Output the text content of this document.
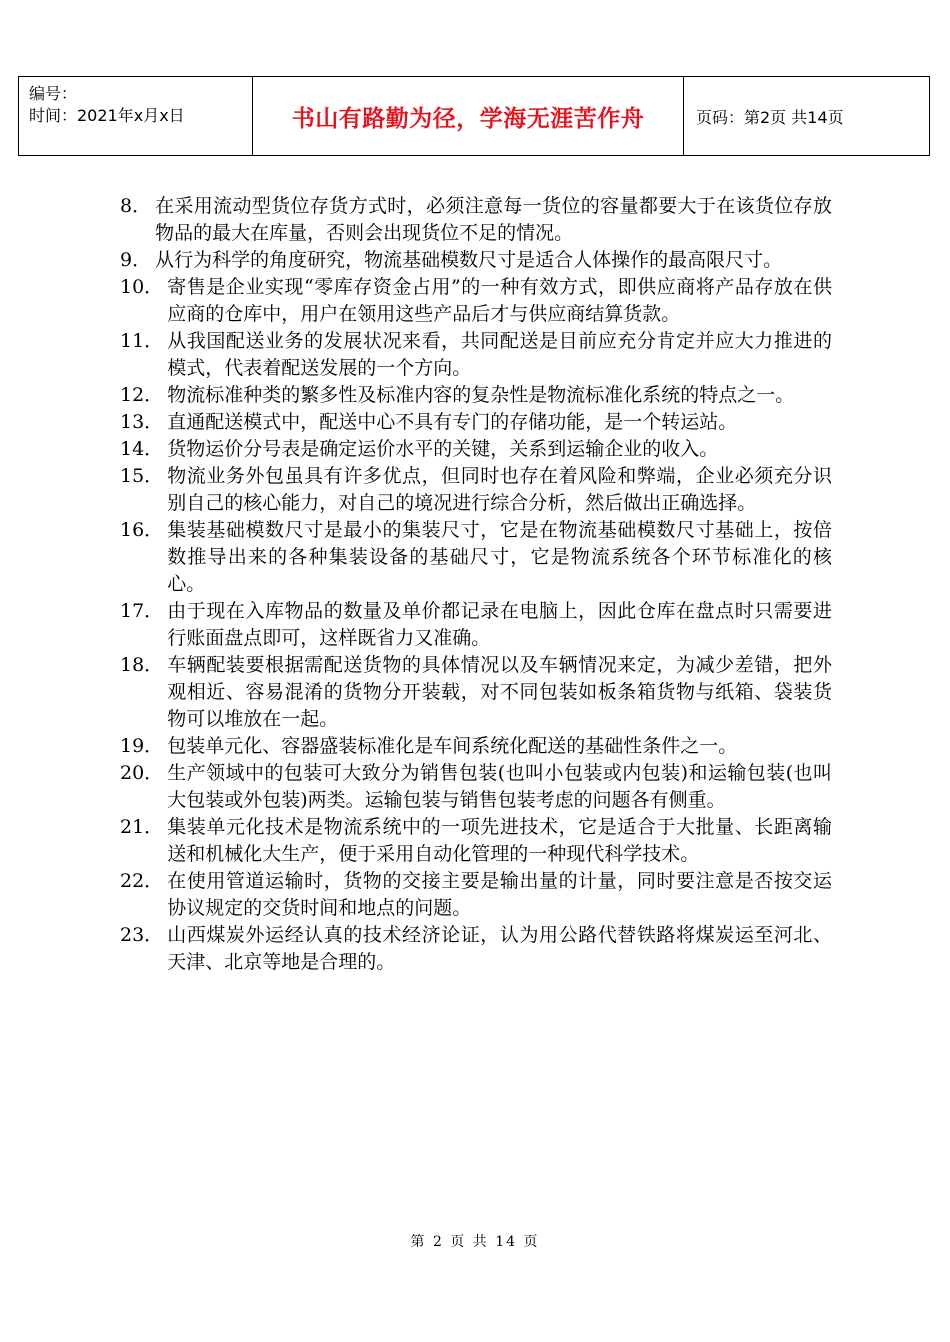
编号：
时间：2021年x月x日	书山有路勤为径，学海无涯苦作舟	页码：第2页 共14页
8． 在采用流动型货位存货方式时，必须注意每一货位的容量都要大于在该货位存放物品的最大在库量，否则会出现货位不足的情况。
9． 从行为科学的角度研究，物流基础模数尺寸是适合人体操作的最高限尺寸。
10． 寄售是企业实现“零库存资金占用”的一种有效方式，即供应商将产品存放在供应商的仓库中，用户在领用这些产品后才与供应商结算货款。
11． 从我国配送业务的发展状况来看，共同配送是目前应充分肯定并应大力推进的模式，代表着配送发展的一个方向。
12． 物流标准种类的繁多性及标准内容的复杂性是物流标准化系统的特点之一。
13． 直通配送模式中，配送中心不具有专门的存储功能，是一个转运站。
14． 货物运价分号表是确定运价水平的关键，关系到运输企业的收入。
15． 物流业务外包虽具有许多优点，但同时也存在着风险和弊端，企业必须充分识别自己的核心能力，对自己的境况进行综合分析，然后做出正确选择。
16． 集装基础模数尺寸是最小的集装尺寸，它是在物流基础模数尺寸基础上，按倍数推导出来的各种集装设备的基础尺寸，它是物流系统各个环节标准化的核心。
17． 由于现在入库物品的数量及单价都记录在电脑上，因此仓库在盘点时只需要进行账面盘点即可，这样既省力又准确。
18． 车辆配装要根据需配送货物的具体情况以及车辆情况来定，为减少差错，把外观相近、容易混淆的货物分开装载，对不同包装如板条箱货物与纸箱、袋装货物可以堆放在一起。
19． 包装单元化、容器盛装标准化是车间系统化配送的基础性条件之一。
20． 生产领域中的包装可大致分为销售包装(也叫小包装或内包装)和运输包装(也叫大包装或外包装)两类。运输包装与销售包装考虑的问题各有侧重。
21． 集装单元化技术是物流系统中的一项先进技术，它是适合于大批量、长距离输送和机械化大生产，便于采用自动化管理的一种现代科学技术。
22． 在使用管道运输时，货物的交接主要是输出量的计量，同时要注意是否按交运协议规定的交货时间和地点的问题。
23． 山西煤炭外运经认真的技术经济论证，认为用公路代替铁路将煤炭运至河北、天津、北京等地是合理的。
第 2 页 共 14 页
